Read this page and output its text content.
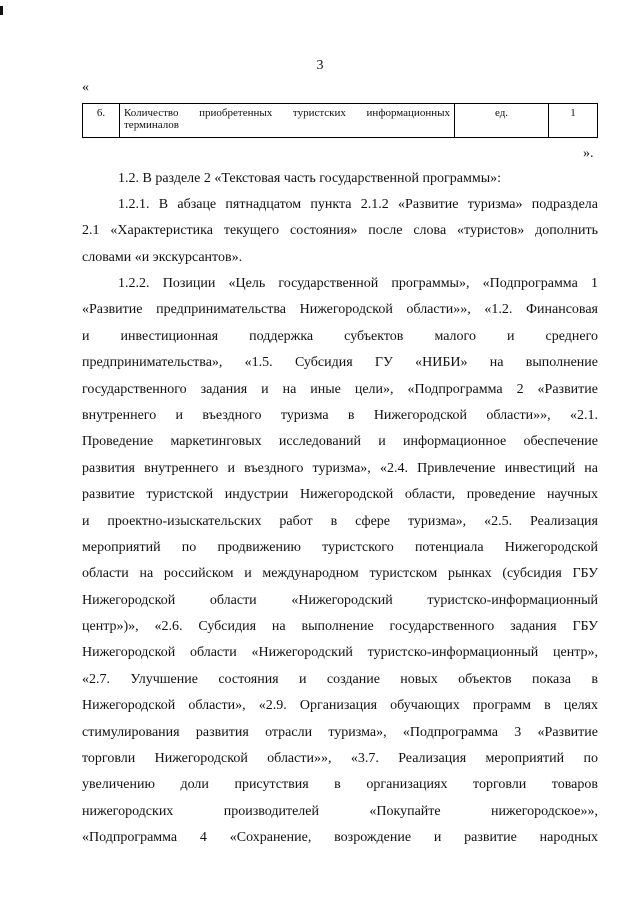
3
«
6.	Количество приобретенных туристских информационных терминалов	ед.	1
».
1.2. В разделе 2 «Текстовая часть государственной программы»:
1.2.1. В абзаце пятнадцатом пункта 2.1.2 «Развитие туризма» подраздела
2.1 «Характеристика текущего состояния» после слова «туристов» дополнить
словами «и экскурсантов».
1.2.2. Позиции «Цель государственной программы», «Подпрограмма 1
«Развитие предпринимательства Нижегородской области»», «1.2. Финансовая
и инвестиционная поддержка субъектов малого и среднего
предпринимательства», «1.5. Субсидия ГУ «НИБИ» на выполнение
государственного задания и на иные цели», «Подпрограмма 2 «Развитие
внутреннего и въездного туризма в Нижегородской области»», «2.1.
Проведение маркетинговых исследований и информационное обеспечение
развития внутреннего и въездного туризма», «2.4. Привлечение инвестиций на
развитие туристской индустрии Нижегородской области, проведение научных
и проектно-изыскательских работ в сфере туризма», «2.5. Реализация
мероприятий по продвижению туристского потенциала Нижегородской
области на российском и международном туристском рынках (субсидия ГБУ
Нижегородской области «Нижегородский туристско-информационный
центр»)», «2.6. Субсидия на выполнение государственного задания ГБУ
Нижегородской области «Нижегородский туристско-информационный центр»,
«2.7. Улучшение состояния и создание новых объектов показа в
Нижегородской области», «2.9. Организация обучающих программ в целях
стимулирования развития отрасли туризма», «Подпрограмма 3 «Развитие
торговли Нижегородской области»», «3.7. Реализация мероприятий по
увеличению доли присутствия в организациях торговли товаров
нижегородских производителей «Покупайте нижегородское»»,
«Подпрограмма 4 «Сохранение, возрождение и развитие народных
